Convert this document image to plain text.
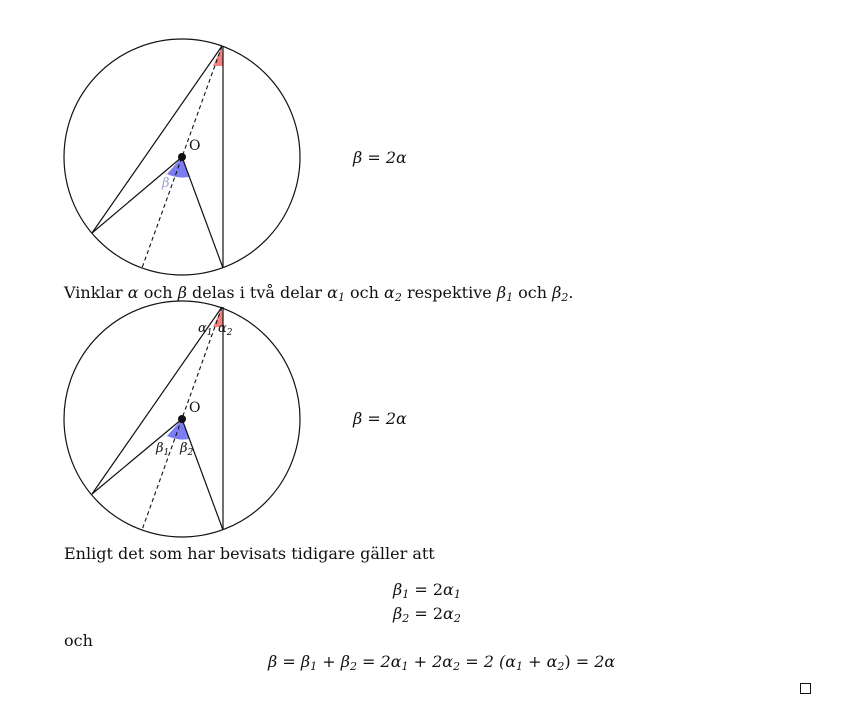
O
β
β = 2α
Vinklar α och β delas i två delar $\alpha_1$ och $\alpha_2$ respektive $\beta_1$ och $\beta_2$.
O
$\alpha_1$ $\alpha_2$
$\beta_1$ $\beta_2$
β = 2α
Enligt det som har bevisats tidigare gäller att
$\beta_1 = 2\alpha_1$
$\beta_2 = 2\alpha_2$
och
$\beta = \beta_1 + \beta_2 = 2\alpha_1 + 2\alpha_2 = 2$ $(\alpha_1 + \alpha_2) = 2\alpha$
